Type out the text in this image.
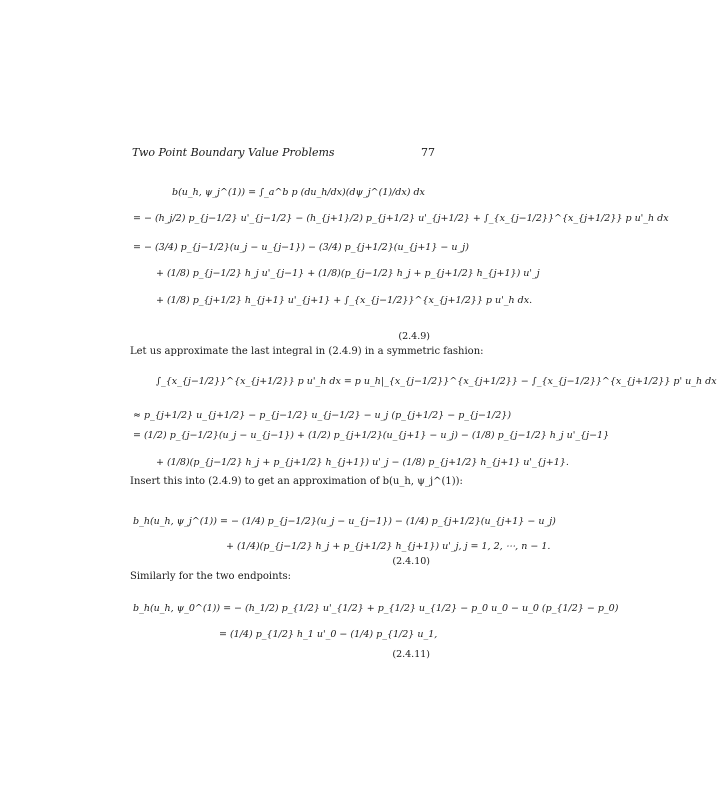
Two Point Boundary Value Problems	77
b(u_h, ψ_j^(1)) = ∫_a^b p (du_h/dx)(dψ_j^(1)/dx) dx
= − (h_j/2) p_{j−1/2} u'_{j−1/2} − (h_{j+1}/2) p_{j+1/2} u'_{j+1/2} + ∫_{x_{j−1/2}}^{x_{j+1/2}} p u'_h dx
= − (3/4) p_{j−1/2}(u_j − u_{j−1}) − (3/4) p_{j+1/2}(u_{j+1} − u_j)
+ (1/8) p_{j−1/2} h_j u'_{j−1} + (1/8)(p_{j−1/2} h_j + p_{j+1/2} h_{j+1}) u'_j
+ (1/8) p_{j+1/2} h_{j+1} u'_{j+1} + ∫_{x_{j−1/2}}^{x_{j+1/2}} p u'_h dx.
(2.4.9)
Let us approximate the last integral in (2.4.9) in a symmetric fashion:
∫_{x_{j−1/2}}^{x_{j+1/2}} p u'_h dx = p u_h|_{x_{j−1/2}}^{x_{j+1/2}} − ∫_{x_{j−1/2}}^{x_{j+1/2}} p' u_h dx
≈ p_{j+1/2} u_{j+1/2} − p_{j−1/2} u_{j−1/2} − u_j (p_{j+1/2} − p_{j−1/2})
= (1/2) p_{j−1/2}(u_j − u_{j−1}) + (1/2) p_{j+1/2}(u_{j+1} − u_j) − (1/8) p_{j−1/2} h_j u'_{j−1}
+ (1/8)(p_{j−1/2} h_j + p_{j+1/2} h_{j+1}) u'_j − (1/8) p_{j+1/2} h_{j+1} u'_{j+1}.
Insert this into (2.4.9) to get an approximation of b(u_h, ψ_j^(1)):
b_h(u_h, ψ_j^(1)) = − (1/4) p_{j−1/2}(u_j − u_{j−1}) − (1/4) p_{j+1/2}(u_{j+1} − u_j)
+ (1/4)(p_{j−1/2} h_j + p_{j+1/2} h_{j+1}) u'_j, j = 1, 2, ⋯, n − 1.
(2.4.10)
Similarly for the two endpoints:
b_h(u_h, ψ_0^(1)) = − (h_1/2) p_{1/2} u'_{1/2} + p_{1/2} u_{1/2} − p_0 u_0 − u_0 (p_{1/2} − p_0)
= (1/4) p_{1/2} h_1 u'_0 − (1/4) p_{1/2} u_1,
(2.4.11)
